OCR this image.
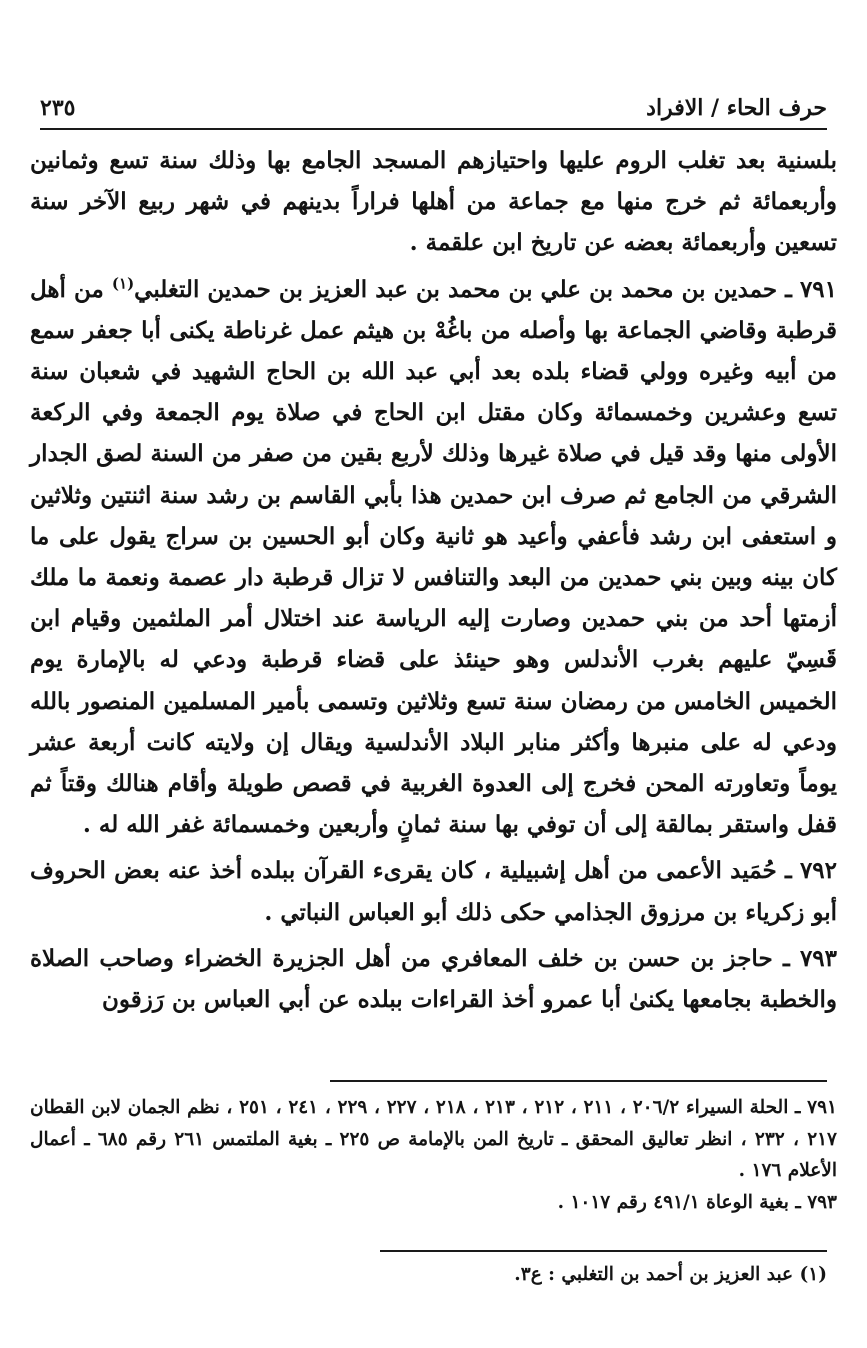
حرف الحاء / الافراد
٢٣٥

بلسنية بعد تغلب الروم عليها واحتيازهم المسجد الجامع بها وذلك سنة تسع وثمانين وأربعمائة ثم خرج منها مع جماعة من أهلها فراراً بدينهم في شهر ربيع الآخر سنة تسعين وأربعمائة بعضه عن تاريخ ابن علقمة .

٧٩١ ـ حمدين بن محمد بن علي بن محمد بن عبد العزيز بن حمدين التغلبي$^{(١)}$ من أهل قرطبة وقاضي الجماعة بها وأصله من باغُهْ بن هيثم عمل غرناطة يكنى أبا جعفر سمع من أبيه وغيره وولي قضاء بلده بعد أبي عبد الله بن الحاج الشهيد في شعبان سنة تسع وعشرين وخمسمائة وكان مقتل ابن الحاج في صلاة يوم الجمعة وفي الركعة الأولى منها وقد قيل في صلاة غيرها وذلك لأربع بقين من صفر من السنة لصق الجدار الشرقي من الجامع ثم صرف ابن حمدين هذا بأبي القاسم بن رشد سنة اثنتين وثلاثين و استعفى ابن رشد فأعفي وأعيد هو ثانية وكان أبو الحسين بن سراج يقول على ما كان بينه وبين بني حمدين من البعد والتنافس لا تزال قرطبة دار عصمة ونعمة ما ملك أزمتها أحد من بني حمدين وصارت إليه الرياسة عند اختلال أمر الملثمين وقيام ابن قَسِيّ عليهم بغرب الأندلس وهو حينئذ على قضاء قرطبة ودعي له بالإمارة يوم الخميس الخامس من رمضان سنة تسع وثلاثين وتسمى بأمير المسلمين المنصور بالله ودعي له على منبرها وأكثر منابر البلاد الأندلسية ويقال إن ولايته كانت أربعة عشر يوماً وتعاورته المحن فخرج إلى العدوة الغربية في قصص طويلة وأقام هنالك وقتاً ثم قفل واستقر بمالقة إلى أن توفي بها سنة ثمانٍ وأربعين وخمسمائة غفر الله له .

٧٩٢ ـ حُمَيد الأعمى من أهل إشبيلية ، كان يقرىء القرآن ببلده أخذ عنه بعض الحروف أبو زكرياء بن مرزوق الجذامي حكى ذلك أبو العباس النباتي .

٧٩٣ ـ حاجز بن حسن بن خلف المعافري من أهل الجزيرة الخضراء وصاحب الصلاة والخطبة بجامعها يكنىٰ أبا عمرو أخذ القراءات ببلده عن أبي العباس بن رَزقون

٧٩١ ـ الحلة السيراء ٢٠٦/٢ ، ٢١١ ، ٢١٢ ، ٢١٣ ، ٢١٨ ، ٢٢٧ ، ٢٢٩ ، ٢٤١ ، ٢٥١ ، نظم الجمان لابن القطان ٢١٧ ، ٢٣٢ ، انظر تعاليق المحقق ـ تاريخ المن بالإمامة ص ٢٢٥ ـ بغية الملتمس ٢٦١ رقم ٦٨٥ ـ أعمال الأعلام ١٧٦ .

٧٩٣ ـ بغية الوعاة ٤٩١/١ رقم ١٠١٧ .

(١) عبد العزيز بن أحمد بن التغلبي : ع٣.
